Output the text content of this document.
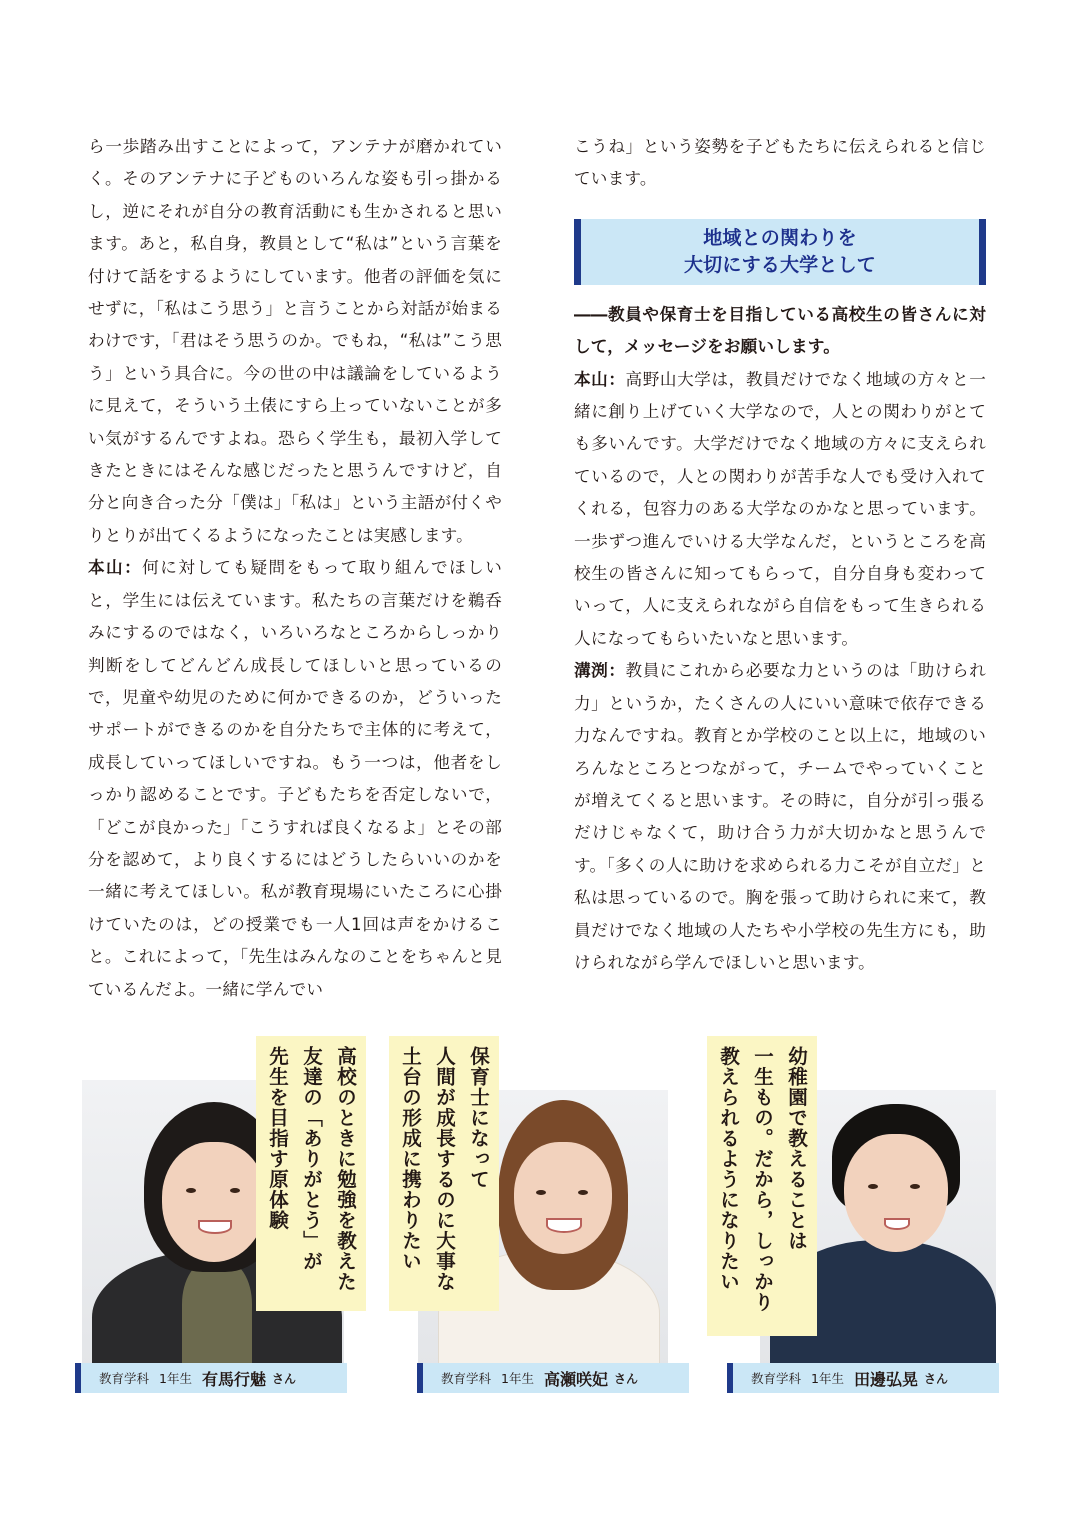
ら一歩踏み出すことによって，アンテナが磨かれていく。そのアンテナに子どものいろんな姿も引っ掛かるし，逆にそれが自分の教育活動にも生かされると思います。あと，私自身，教員として“私は”という言葉を付けて話をするようにしています。他者の評価を気にせずに，「私はこう思う」と言うことから対話が始まるわけです，「君はそう思うのか。でもね，“私は”こう思う」という具合に。今の世の中は議論をしているように見えて，そういう土俵にすら上っていないことが多い気がするんですよね。恐らく学生も，最初入学してきたときにはそんな感じだったと思うんですけど，自分と向き合った分「僕は」「私は」という主語が付くやりとりが出てくるようになったことは実感します。

本山：何に対しても疑問をもって取り組んでほしいと，学生には伝えています。私たちの言葉だけを鵜呑みにするのではなく，いろいろなところからしっかり判断をしてどんどん成長してほしいと思っているので，児童や幼児のために何かできるのか，どういったサポートができるのかを自分たちで主体的に考えて，成長していってほしいですね。もう一つは，他者をしっかり認めることです。子どもたちを否定しないで，「どこが良かった」「こうすれば良くなるよ」とその部分を認めて，より良くするにはどうしたらいいのかを一緒に考えてほしい。私が教育現場にいたころに心掛けていたのは，どの授業でも一人1回は声をかけること。これによって，「先生はみんなのことをちゃんと見ているんだよ。一緒に学んでい

こうね」という姿勢を子どもたちに伝えられると信じています。

地域との関わりを
大切にする大学として

――教員や保育士を目指している高校生の皆さんに対して，メッセージをお願いします。

本山：高野山大学は，教員だけでなく地域の方々と一緒に創り上げていく大学なので，人との関わりがとても多いんです。大学だけでなく地域の方々に支えられているので，人との関わりが苦手な人でも受け入れてくれる，包容力のある大学なのかなと思っています。一歩ずつ進んでいける大学なんだ，というところを高校生の皆さんに知ってもらって，自分自身も変わっていって，人に支えられながら自信をもって生きられる人になってもらいたいなと思います。

溝渕：教員にこれから必要な力というのは「助けられ力」というか，たくさんの人にいい意味で依存できる力なんですね。教育とか学校のこと以上に，地域のいろんなところとつながって，チームでやっていくことが増えてくると思います。その時に，自分が引っ張るだけじゃなくて，助け合う力が大切かなと思うんです。「多くの人に助けを求められる力こそが自立だ」と私は思っているので。胸を張って助けられに来て，教員だけでなく地域の人たちや小学校の先生方にも，助けられながら学んでほしいと思います。

高校のときに勉強を教えた
友達の「ありがとう」が
先生を目指す原体験
教育学科 1年生 有馬行魅 さん
保育士になって
人間が成長するのに大事な
土台の形成に携わりたい
教育学科 1年生 高瀬咲妃 さん
幼稚園で教えることは
一生もの。だから，しっかり
教えられるようになりたい
教育学科 1年生 田邊弘晃 さん
